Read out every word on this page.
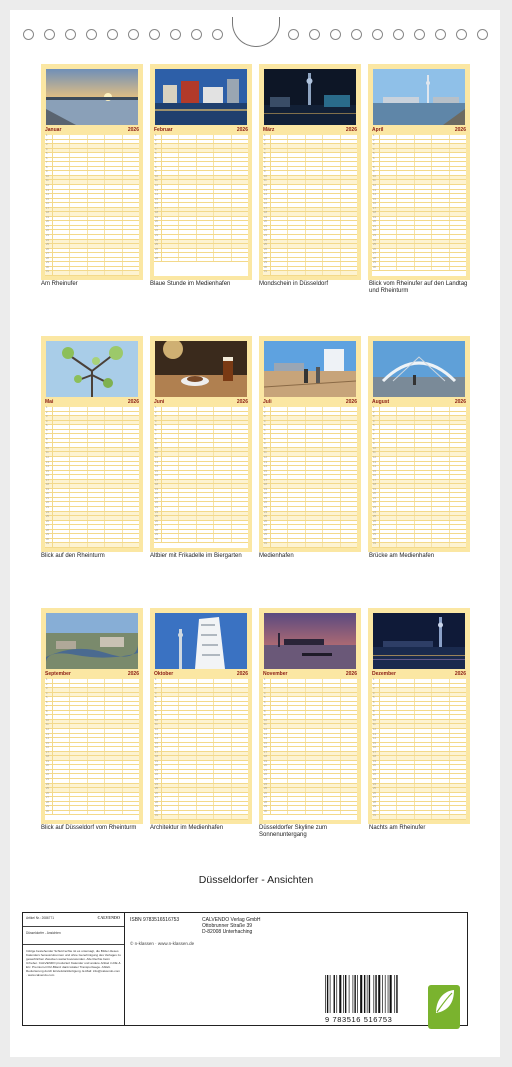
Januar	2026
1
2
3
4
5
6
7
8
9
10
11
12
13
14
15
16
17
18
19
20
21
22
23
24
25
26
27
28
29
30
31
Am Rheinufer
Februar	2026
1
2
3
4
5
6
7
8
9
10
11
12
13
14
15
16
17
18
19
20
21
22
23
24
25
26
27
28
Blaue Stunde im Medienhafen
März	2026
1
2
3
4
5
6
7
8
9
10
11
12
13
14
15
16
17
18
19
20
21
22
23
24
25
26
27
28
29
30
31
Mondschein in Düsseldorf
April	2026
1
2
3
4
5
6
7
8
9
10
11
12
13
14
15
16
17
18
19
20
21
22
23
24
25
26
27
28
29
30
Blick vom Rheinufer auf den Landtag und Rheinturm
Mai	2026
1
2
3
4
5
6
7
8
9
10
11
12
13
14
15
16
17
18
19
20
21
22
23
24
25
26
27
28
29
30
31
Blick auf den Rheinturm
Juni	2026
1
2
3
4
5
6
7
8
9
10
11
12
13
14
15
16
17
18
19
20
21
22
23
24
25
26
27
28
29
30
Altbier mit Frikadelle im Biergarten
Juli	2026
1
2
3
4
5
6
7
8
9
10
11
12
13
14
15
16
17
18
19
20
21
22
23
24
25
26
27
28
29
30
31
Medienhafen
August	2026
1
2
3
4
5
6
7
8
9
10
11
12
13
14
15
16
17
18
19
20
21
22
23
24
25
26
27
28
29
30
31
Brücke am Medienhafen
September	2026
1
2
3
4
5
6
7
8
9
10
11
12
13
14
15
16
17
18
19
20
21
22
23
24
25
26
27
28
29
30
Blick auf Düsseldorf vom Rheinturm
Oktober	2026
1
2
3
4
5
6
7
8
9
10
11
12
13
14
15
16
17
18
19
20
21
22
23
24
25
26
27
28
29
30
31
Architektur im Medienhafen
November	2026
1
2
3
4
5
6
7
8
9
10
11
12
13
14
15
16
17
18
19
20
21
22
23
24
25
26
27
28
29
30
Düsseldorfer Skyline zum Sonnenuntergang
Dezember	2026
1
2
3
4
5
6
7
8
9
10
11
12
13
14
15
16
17
18
19
20
21
22
23
24
25
26
27
28
29
30
31
Nachts am Rheinufer
Düsseldorfer - Ansichten
Artikel Nr.: 2086771	CALVENDO
Düsseldorfer - Ansichten
Infolge bestehender Schutzrechte ist es untersagt, die Bilder dieses Kalenders herauszutrennen und ohne Genehmigung des Verlages zu gewerblichen Zwecken weiterzuverwenden. Alle Rechte beim Urheber. CALVENDO produziert Kalender und andere Artikel in DE & EU. Premium-CO2-Bilanz dank lokaler Transportwege. Abfall-Reduzierung durch Einzelstückfertigung. E-Mail: info@calvendo.com · www.calvendo.com
ISBN 9783516516753	CALVENDO Verlag GmbH
Ottobrunner Straße 39
D-82008 Unterhaching
© n-klassen · www.n-klassen.de
9 783516 516753	eco
